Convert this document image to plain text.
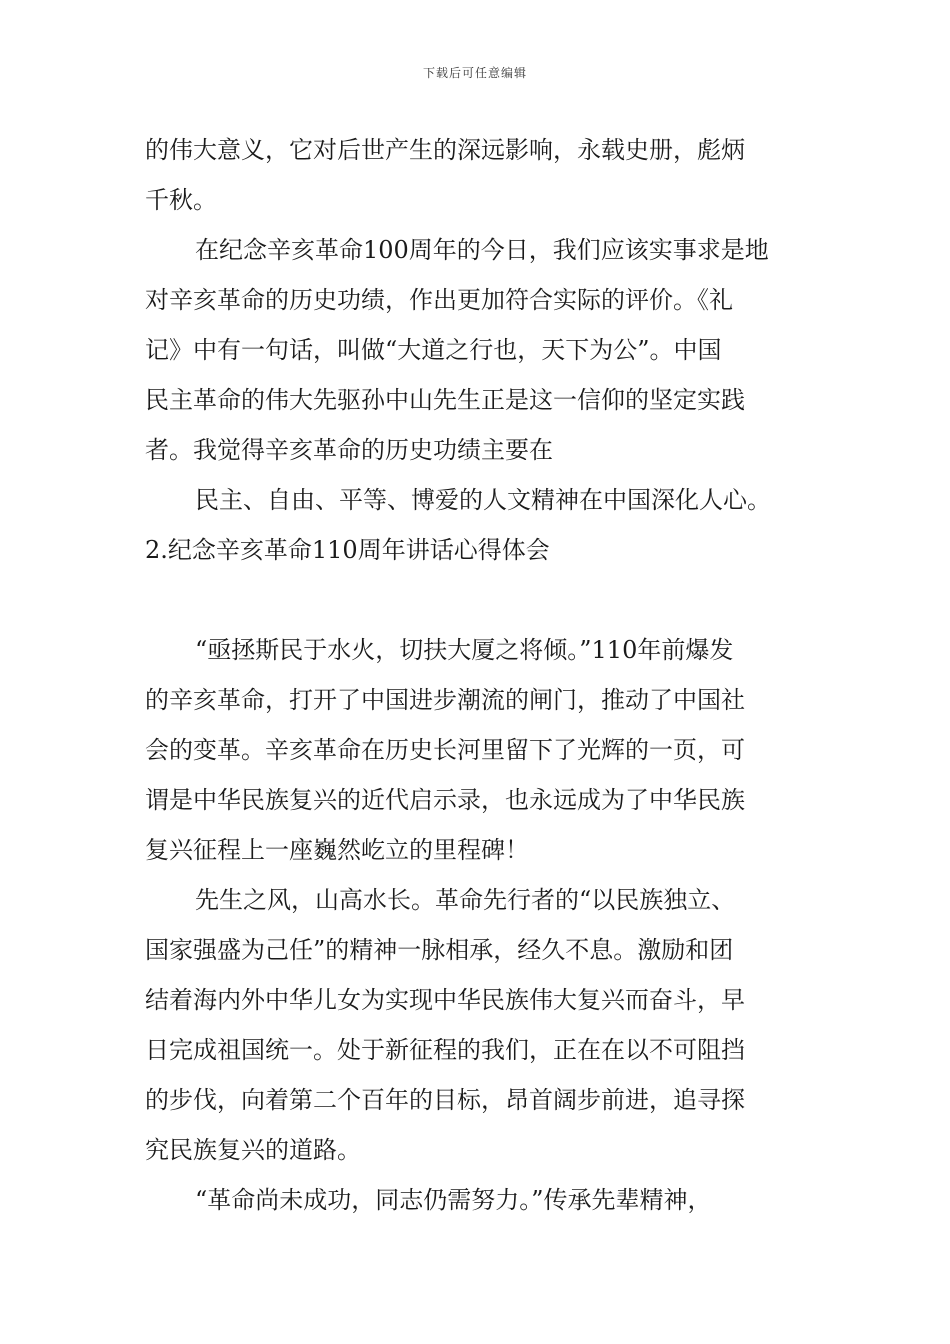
下载后可任意编辑
的伟大意义，它对后世产生的深远影响，永载史册，彪炳
千秋。
在纪念辛亥革命100周年的今日，我们应该实事求是地
对辛亥革命的历史功绩，作出更加符合实际的评价。《礼
记》中有一句话，叫做“大道之行也，天下为公”。中国
民主革命的伟大先驱孙中山先生正是这一信仰的坚定实践
者。我觉得辛亥革命的历史功绩主要在
民主、自由、平等、博爱的人文精神在中国深化人心。
2.纪念辛亥革命110周年讲话心得体会
“亟拯斯民于水火，切扶大厦之将倾。”110年前爆发
的辛亥革命，打开了中国进步潮流的闸门，推动了中国社
会的变革。辛亥革命在历史长河里留下了光辉的一页，可
谓是中华民族复兴的近代启示录，也永远成为了中华民族
复兴征程上一座巍然屹立的里程碑！
先生之风，山高水长。革命先行者的“以民族独立、
国家强盛为己任”的精神一脉相承，经久不息。激励和团
结着海内外中华儿女为实现中华民族伟大复兴而奋斗，早
日完成祖国统一。处于新征程的我们，正在在以不可阻挡
的步伐，向着第二个百年的目标，昂首阔步前进，追寻探
究民族复兴的道路。
“革命尚未成功，同志仍需努力。”传承先辈精神，
